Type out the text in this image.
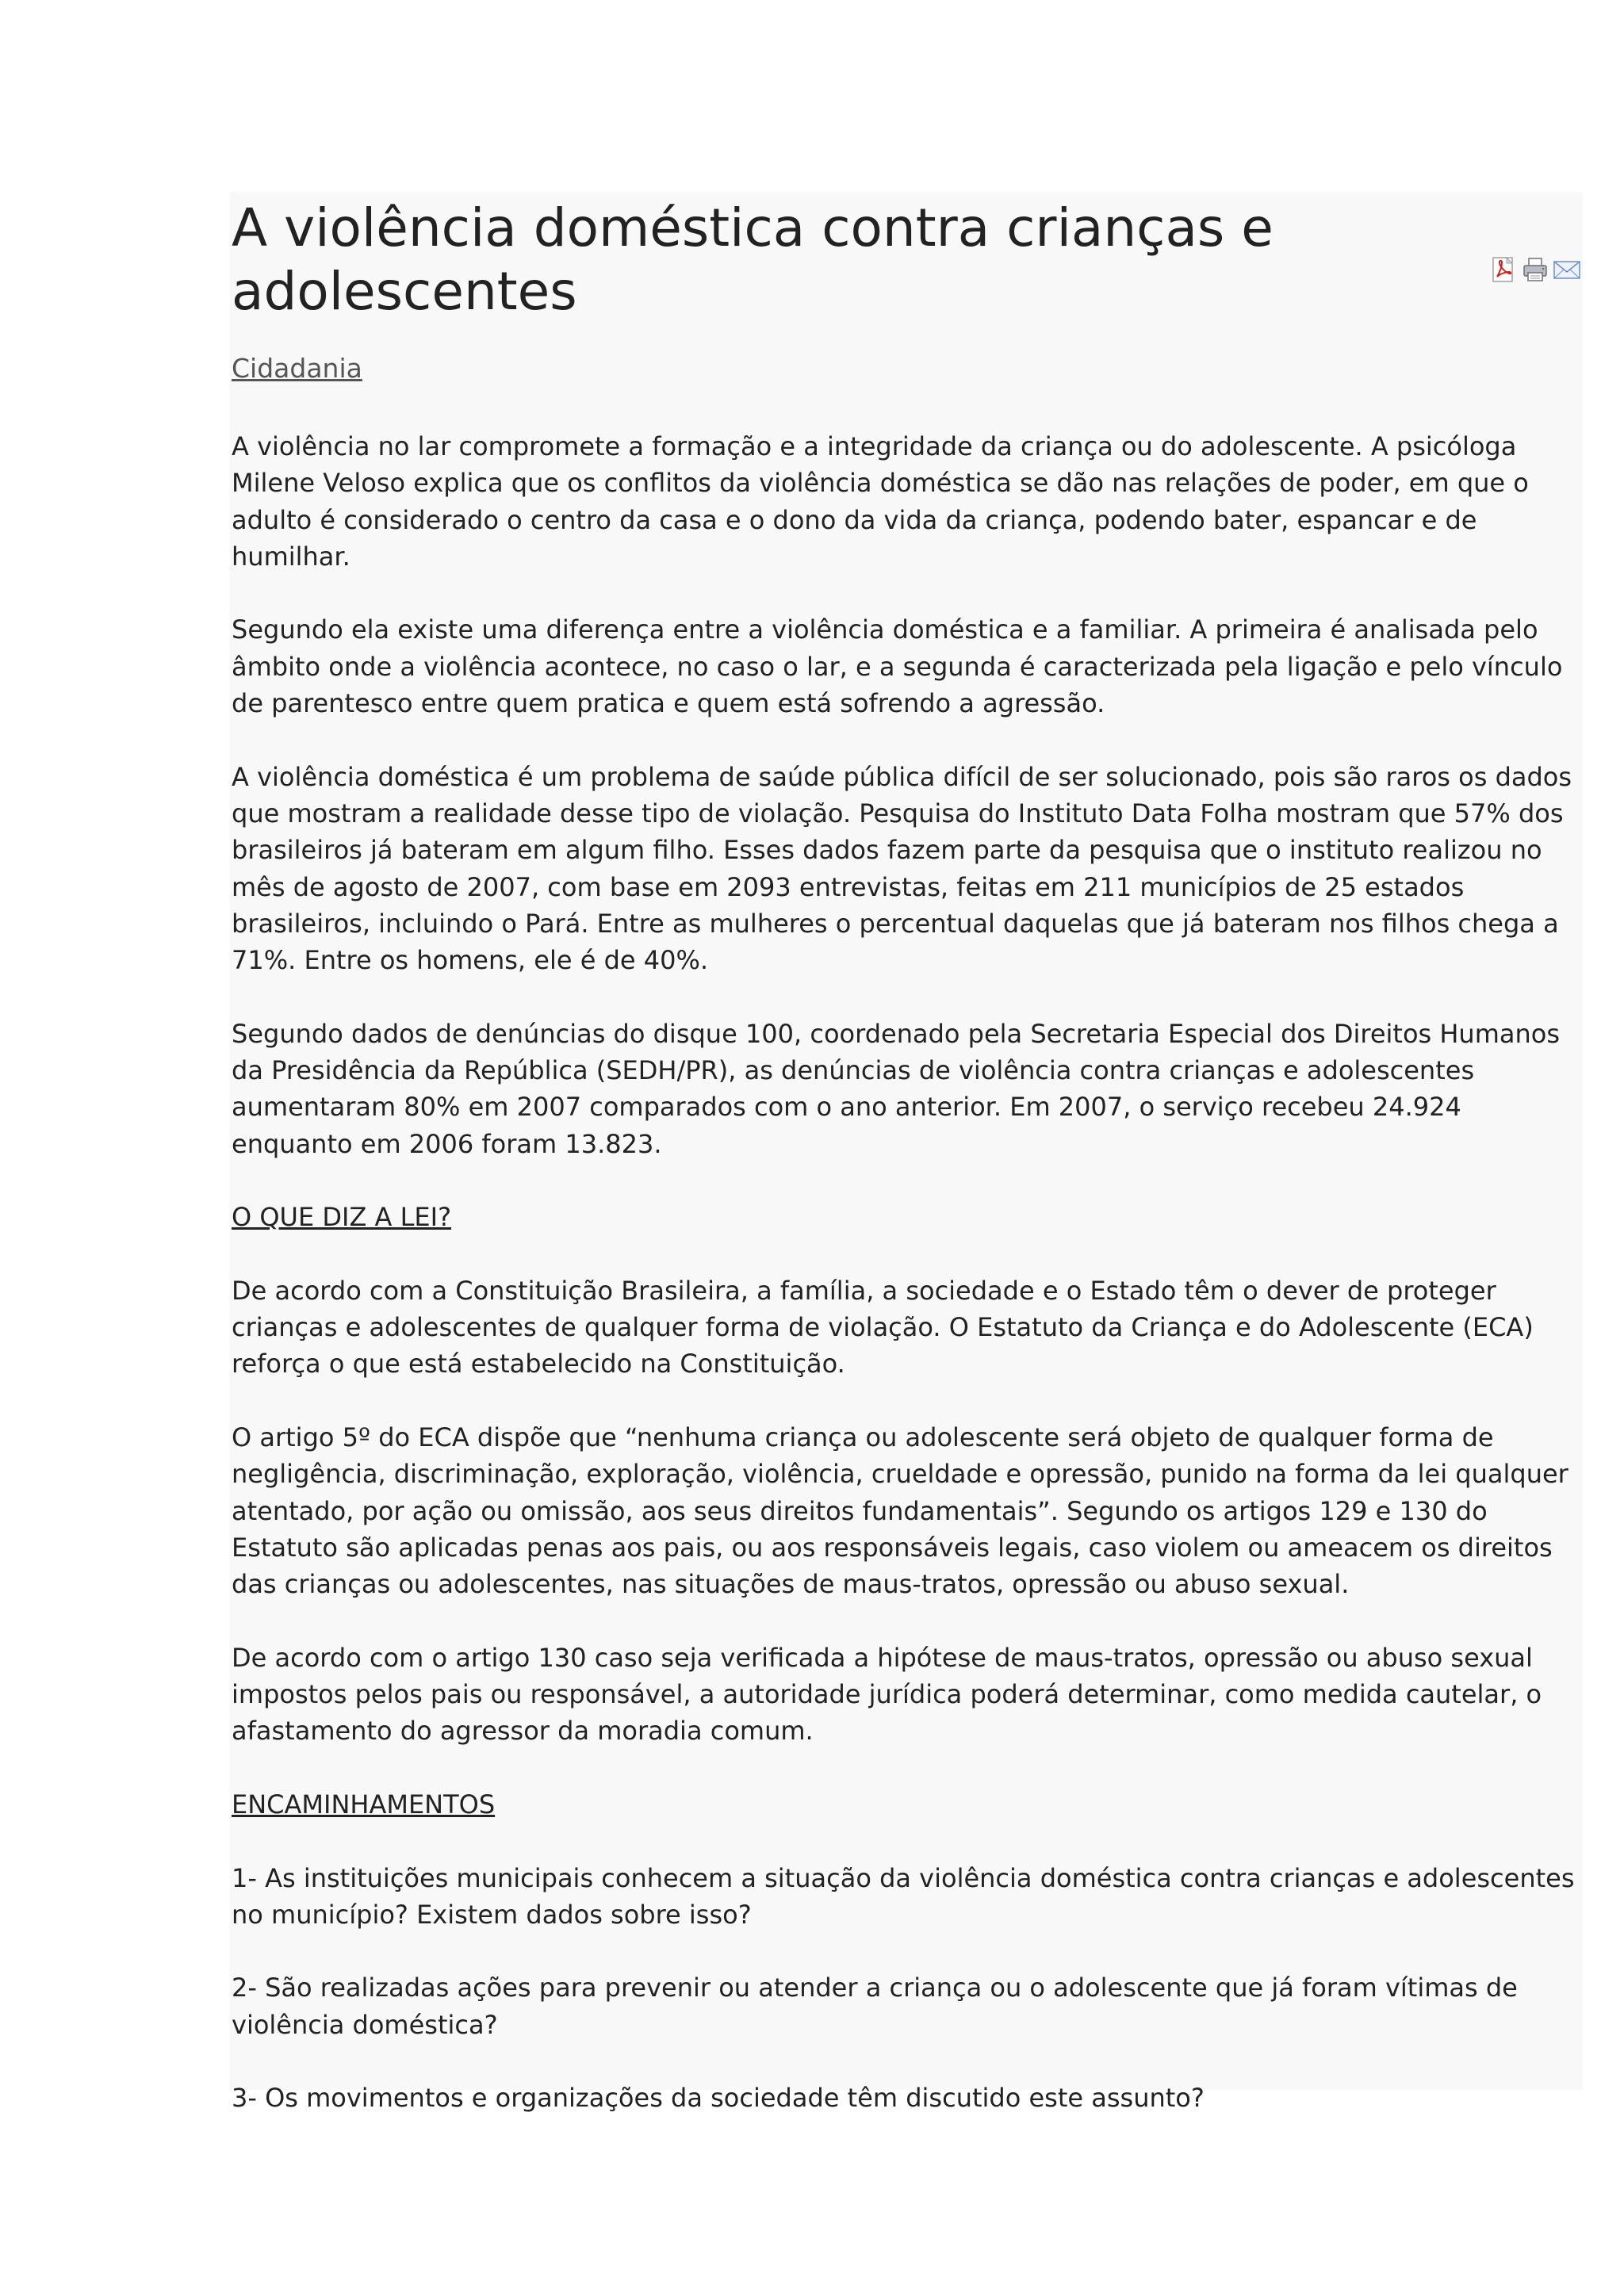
A violência doméstica contra crianças e adolescentes
Cidadania

A violência no lar compromete a formação e a integridade da criança ou do adolescente. A psicóloga Milene Veloso explica que os conflitos da violência doméstica se dão nas relações de poder, em que o adulto é considerado o centro da casa e o dono da vida da criança, podendo bater, espancar e de humilhar.

Segundo ela existe uma diferença entre a violência doméstica e a familiar. A primeira é analisada pelo âmbito onde a violência acontece, no caso o lar, e a segunda é caracterizada pela ligação e pelo vínculo de parentesco entre quem pratica e quem está sofrendo a agressão.

A violência doméstica é um problema de saúde pública difícil de ser solucionado, pois são raros os dados que mostram a realidade desse tipo de violação. Pesquisa do Instituto Data Folha mostram que 57% dos brasileiros já bateram em algum filho. Esses dados fazem parte da pesquisa que o instituto realizou no mês de agosto de 2007, com base em 2093 entrevistas, feitas em 211 municípios de 25 estados brasileiros, incluindo o Pará. Entre as mulheres o percentual daquelas que já bateram nos filhos chega a 71%. Entre os homens, ele é de 40%.

Segundo dados de denúncias do disque 100, coordenado pela Secretaria Especial dos Direitos Humanos da Presidência da República (SEDH/PR), as denúncias de violência contra crianças e adolescentes aumentaram 80% em 2007 comparados com o ano anterior. Em 2007, o serviço recebeu 24.924 enquanto em 2006 foram 13.823.

O QUE DIZ A LEI?

De acordo com a Constituição Brasileira, a família, a sociedade e o Estado têm o dever de proteger crianças e adolescentes de qualquer forma de violação. O Estatuto da Criança e do Adolescente (ECA) reforça o que está estabelecido na Constituição.

O artigo 5º do ECA dispõe que “nenhuma criança ou adolescente será objeto de qualquer forma de negligência, discriminação, exploração, violência, crueldade e opressão, punido na forma da lei qualquer atentado, por ação ou omissão, aos seus direitos fundamentais”. Segundo os artigos 129 e 130 do Estatuto são aplicadas penas aos pais, ou aos responsáveis legais, caso violem ou ameacem os direitos das crianças ou adolescentes, nas situações de maus-tratos, opressão ou abuso sexual.

De acordo com o artigo 130 caso seja verificada a hipótese de maus-tratos, opressão ou abuso sexual impostos pelos pais ou responsável, a autoridade jurídica poderá determinar, como medida cautelar, o afastamento do agressor da moradia comum.

ENCAMINHAMENTOS

1- As instituições municipais conhecem a situação da violência doméstica contra crianças e adolescentes no município? Existem dados sobre isso?

2- São realizadas ações para prevenir ou atender a criança ou o adolescente que já foram vítimas de violência doméstica?

3- Os movimentos e organizações da sociedade têm discutido este assunto?
